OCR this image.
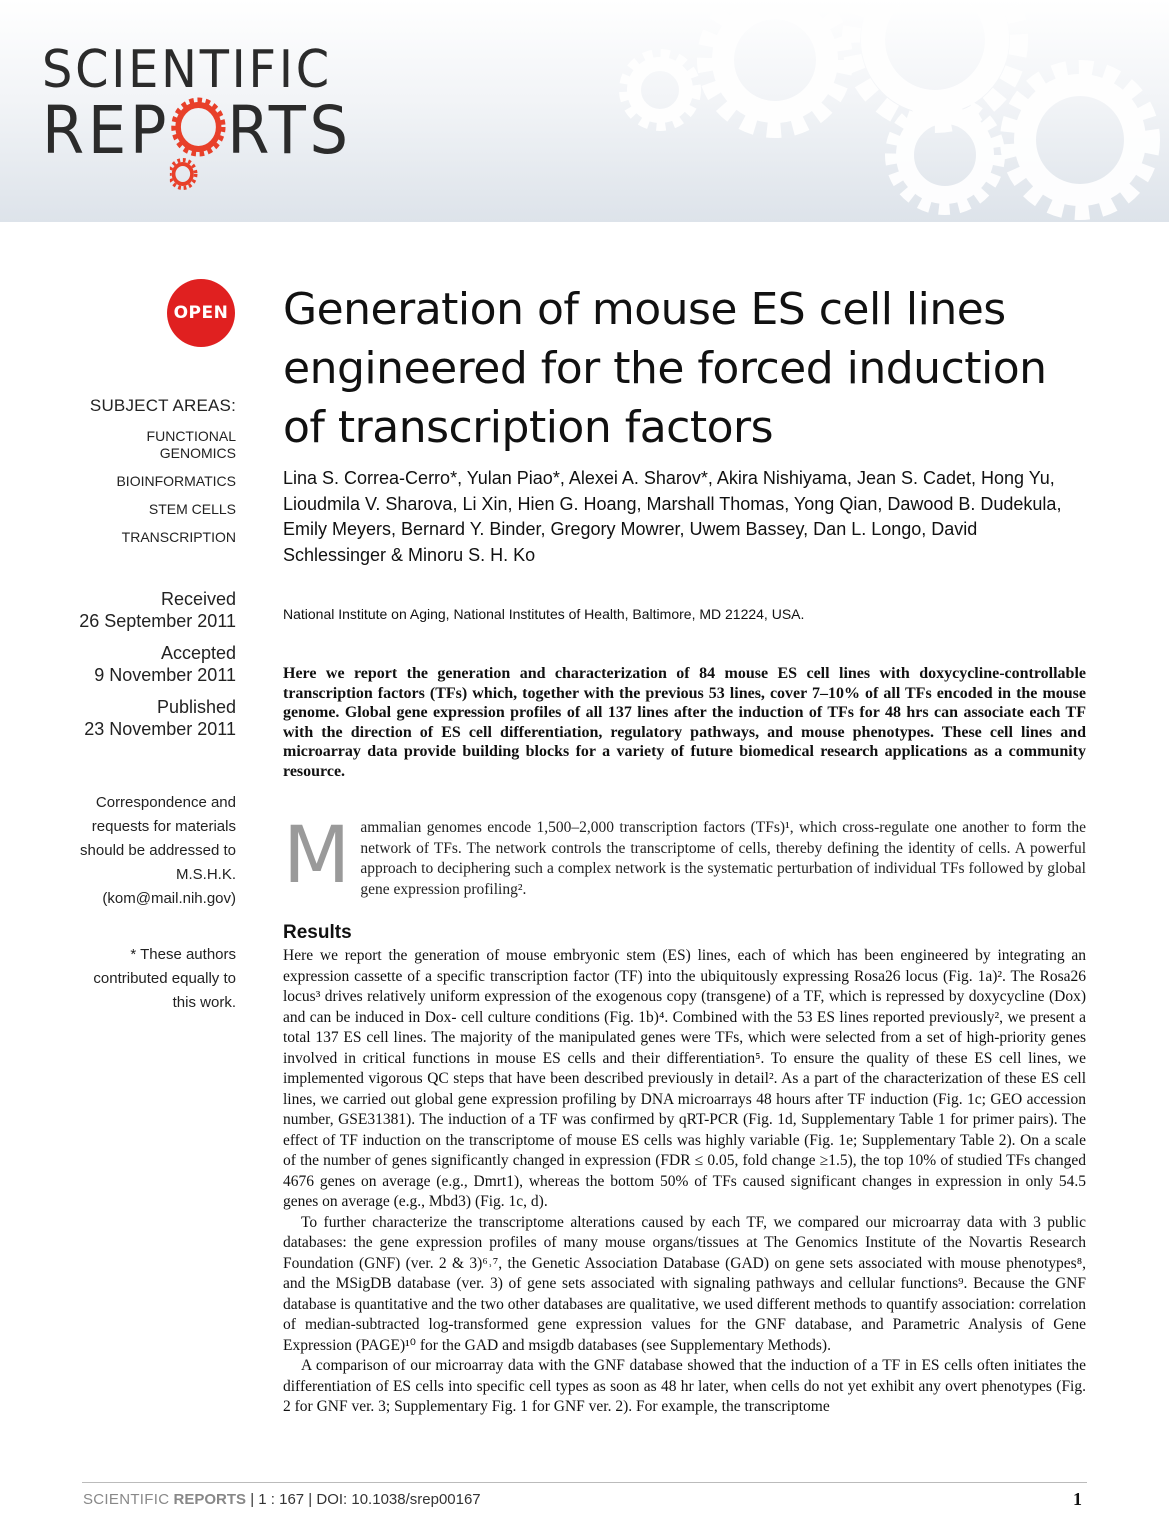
SCIENTIFIC
REP RTS
OPEN
SUBJECT AREAS:
FUNCTIONAL GENOMICS
BIOINFORMATICS
STEM CELLS
TRANSCRIPTION
Received
26 September 2011
Accepted
9 November 2011
Published
23 November 2011
Correspondence and requests for materials should be addressed to M.S.H.K. (kom@mail.nih.gov)
* These authors contributed equally to this work.
Generation of mouse ES cell lines engineered for the forced induction of transcription factors
Lina S. Correa-Cerro*, Yulan Piao*, Alexei A. Sharov*, Akira Nishiyama, Jean S. Cadet, Hong Yu, Lioudmila V. Sharova, Li Xin, Hien G. Hoang, Marshall Thomas, Yong Qian, Dawood B. Dudekula, Emily Meyers, Bernard Y. Binder, Gregory Mowrer, Uwem Bassey, Dan L. Longo, David Schlessinger & Minoru S. H. Ko
National Institute on Aging, National Institutes of Health, Baltimore, MD 21224, USA.
Here we report the generation and characterization of 84 mouse ES cell lines with doxycycline-controllable transcription factors (TFs) which, together with the previous 53 lines, cover 7–10% of all TFs encoded in the mouse genome. Global gene expression profiles of all 137 lines after the induction of TFs for 48 hrs can associate each TF with the direction of ES cell differentiation, regulatory pathways, and mouse phenotypes. These cell lines and microarray data provide building blocks for a variety of future biomedical research applications as a community resource.
Mammalian genomes encode 1,500–2,000 transcription factors (TFs)¹, which cross-regulate one another to form the network of TFs. The network controls the transcriptome of cells, thereby defining the identity of cells. A powerful approach to deciphering such a complex network is the systematic perturbation of individual TFs followed by global gene expression profiling².
Results

Here we report the generation of mouse embryonic stem (ES) lines, each of which has been engineered by integrating an expression cassette of a specific transcription factor (TF) into the ubiquitously expressing Rosa26 locus (Fig. 1a)². The Rosa26 locus³ drives relatively uniform expression of the exogenous copy (transgene) of a TF, which is repressed by doxycycline (Dox) and can be induced in Dox- cell culture conditions (Fig. 1b)⁴. Combined with the 53 ES lines reported previously², we present a total 137 ES cell lines. The majority of the manipulated genes were TFs, which were selected from a set of high-priority genes involved in critical functions in mouse ES cells and their differentiation⁵. To ensure the quality of these ES cell lines, we implemented vigorous QC steps that have been described previously in detail². As a part of the characterization of these ES cell lines, we carried out global gene expression profiling by DNA microarrays 48 hours after TF induction (Fig. 1c; GEO accession number, GSE31381). The induction of a TF was confirmed by qRT-PCR (Fig. 1d, Supplementary Table 1 for primer pairs). The effect of TF induction on the transcriptome of mouse ES cells was highly variable (Fig. 1e; Supplementary Table 2). On a scale of the number of genes significantly changed in expression (FDR ≤ 0.05, fold change ≥1.5), the top 10% of studied TFs changed 4676 genes on average (e.g., Dmrt1), whereas the bottom 50% of TFs caused significant changes in expression in only 54.5 genes on average (e.g., Mbd3) (Fig. 1c, d).

To further characterize the transcriptome alterations caused by each TF, we compared our microarray data with 3 public databases: the gene expression profiles of many mouse organs/tissues at The Genomics Institute of the Novartis Research Foundation (GNF) (ver. 2 & 3)⁶˒⁷, the Genetic Association Database (GAD) on gene sets associated with mouse phenotypes⁸, and the MSigDB database (ver. 3) of gene sets associated with signaling pathways and cellular functions⁹. Because the GNF database is quantitative and the two other databases are qualitative, we used different methods to quantify association: correlation of median-subtracted log-transformed gene expression values for the GNF database, and Parametric Analysis of Gene Expression (PAGE)¹⁰ for the GAD and msigdb databases (see Supplementary Methods).

A comparison of our microarray data with the GNF database showed that the induction of a TF in ES cells often initiates the differentiation of ES cells into specific cell types as soon as 48 hr later, when cells do not yet exhibit any overt phenotypes (Fig. 2 for GNF ver. 3; Supplementary Fig. 1 for GNF ver. 2). For example, the transcriptome

SCIENTIFIC REPORTS | 1 : 167 | DOI: 10.1038/srep00167	1
